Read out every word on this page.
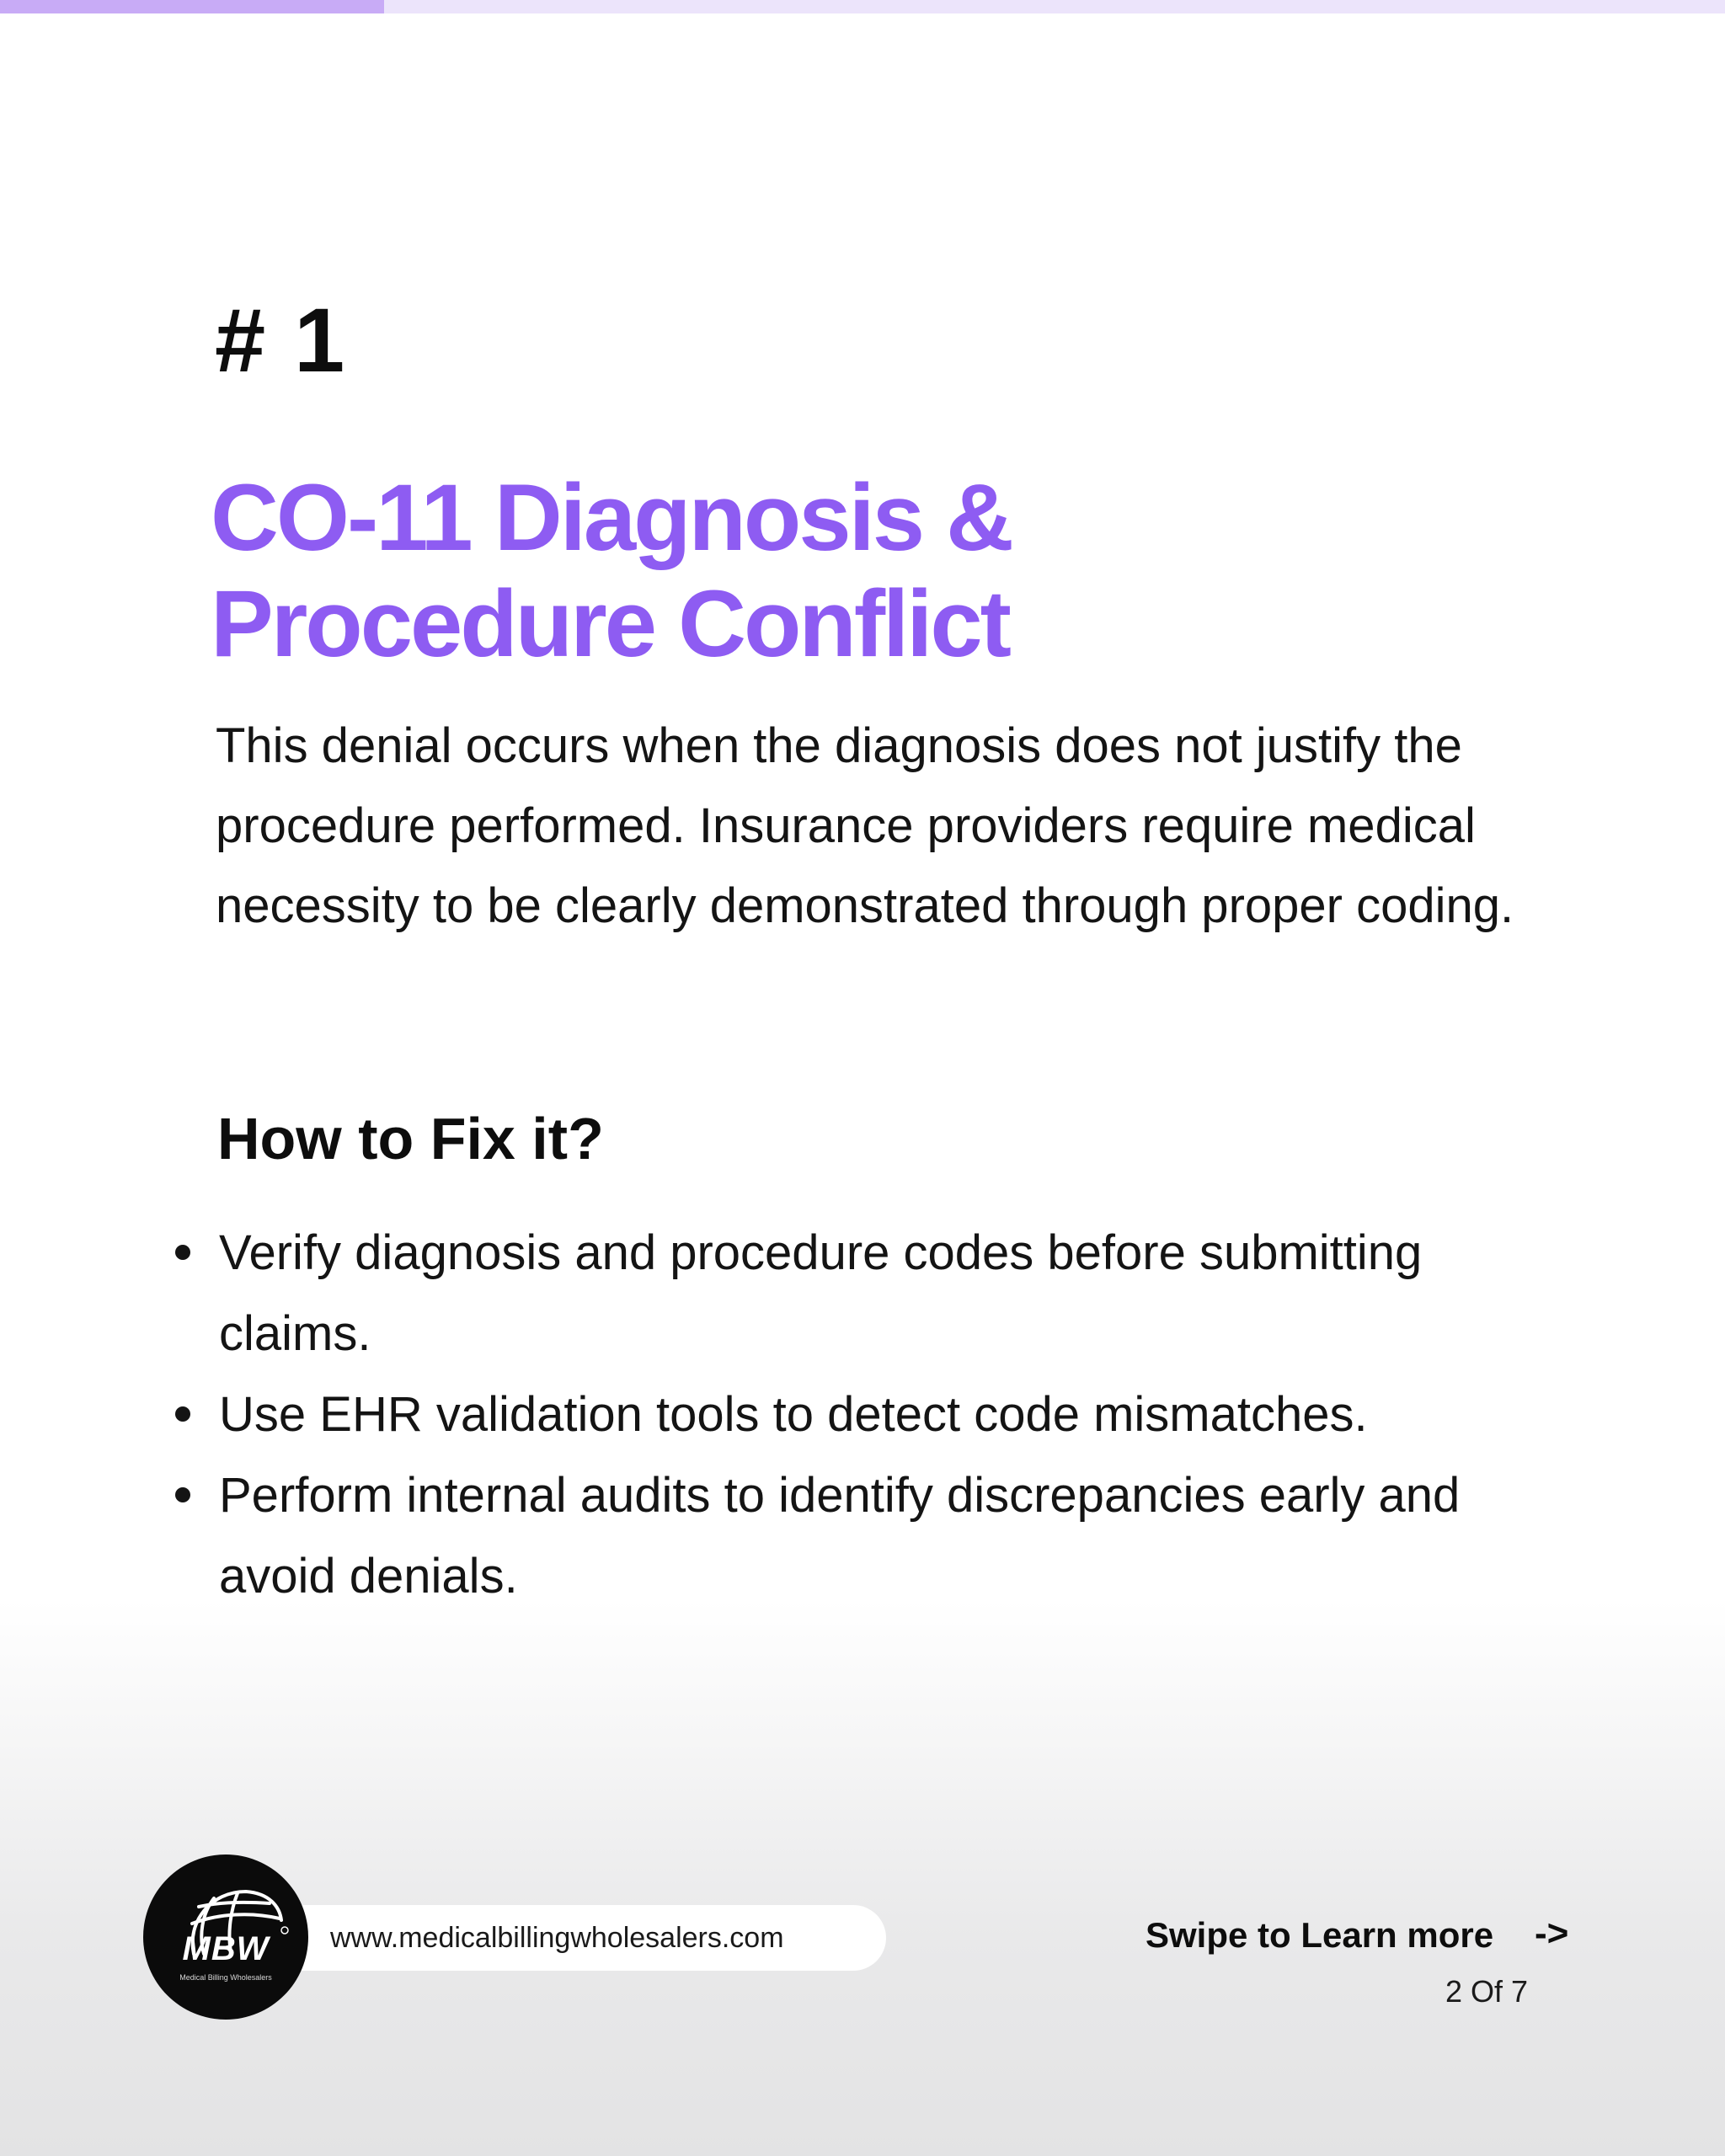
# 1
CO-11 Diagnosis &
Procedure Conflict

This denial occurs when the diagnosis does not justify the procedure performed. Insurance providers require medical necessity to be clearly demonstrated through proper coding.

How to Fix it?
Verify diagnosis and procedure codes before submitting claims.
Use EHR validation tools to detect code mismatches.
Perform internal audits to identify discrepancies early and avoid denials.
www.medicalbillingwholesalers.com
MBW
Medical Billing Wholesalers
Swipe to Learn more ->
2 Of 7
